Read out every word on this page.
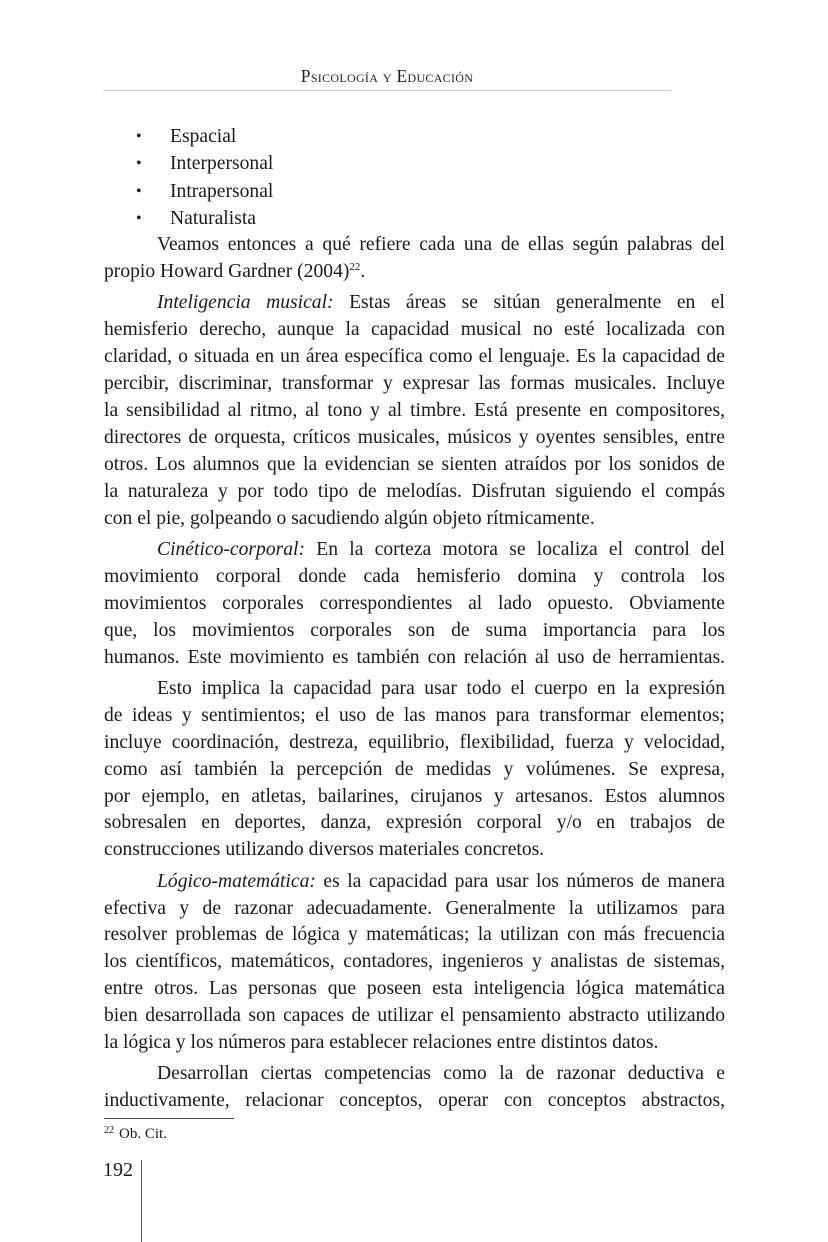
Psicología y Educación
•	Espacial
•	Interpersonal
•	Intrapersonal
•	Naturalista
Veamos entonces a qué refiere cada una de ellas según palabras del
propio Howard Gardner $(2004)^{22}$.
Inteligencia musical: Estas áreas se sitúan generalmente en el
hemisferio derecho, aunque la capacidad musical no esté localizada con
claridad, o situada en un área específica como el lenguaje. Es la capacidad de
percibir, discriminar, transformar y expresar las formas musicales. Incluye
la sensibilidad al ritmo, al tono y al timbre. Está presente en compositores,
directores de orquesta, críticos musicales, músicos y oyentes sensibles, entre
otros. Los alumnos que la evidencian se sienten atraídos por los sonidos de
la naturaleza y por todo tipo de melodías. Disfrutan siguiendo el compás
con el pie, golpeando o sacudiendo algún objeto rítmicamente.
Cinético-corporal: En la corteza motora se localiza el control del
movimiento corporal donde cada hemisferio domina y controla los
movimientos corporales correspondientes al lado opuesto. Obviamente
que, los movimientos corporales son de suma importancia para los
humanos. Este movimiento es también con relación al uso de herramientas.
Esto implica la capacidad para usar todo el cuerpo en la expresión
de ideas y sentimientos; el uso de las manos para transformar elementos;
incluye coordinación, destreza, equilibrio, flexibilidad, fuerza y velocidad,
como así también la percepción de medidas y volúmenes. Se expresa,
por ejemplo, en atletas, bailarines, cirujanos y artesanos. Estos alumnos
sobresalen en deportes, danza, expresión corporal y/o en trabajos de
construcciones utilizando diversos materiales concretos.
Lógico-matemática: es la capacidad para usar los números de manera
efectiva y de razonar adecuadamente. Generalmente la utilizamos para
resolver problemas de lógica y matemáticas; la utilizan con más frecuencia
los científicos, matemáticos, contadores, ingenieros y analistas de sistemas,
entre otros. Las personas que poseen esta inteligencia lógica matemática
bien desarrollada son capaces de utilizar el pensamiento abstracto utilizando
la lógica y los números para establecer relaciones entre distintos datos.
Desarrollan ciertas competencias como la de razonar deductiva e
inductivamente, relacionar conceptos, operar con conceptos abstractos,
$^{22}$ Ob. Cit.
192
